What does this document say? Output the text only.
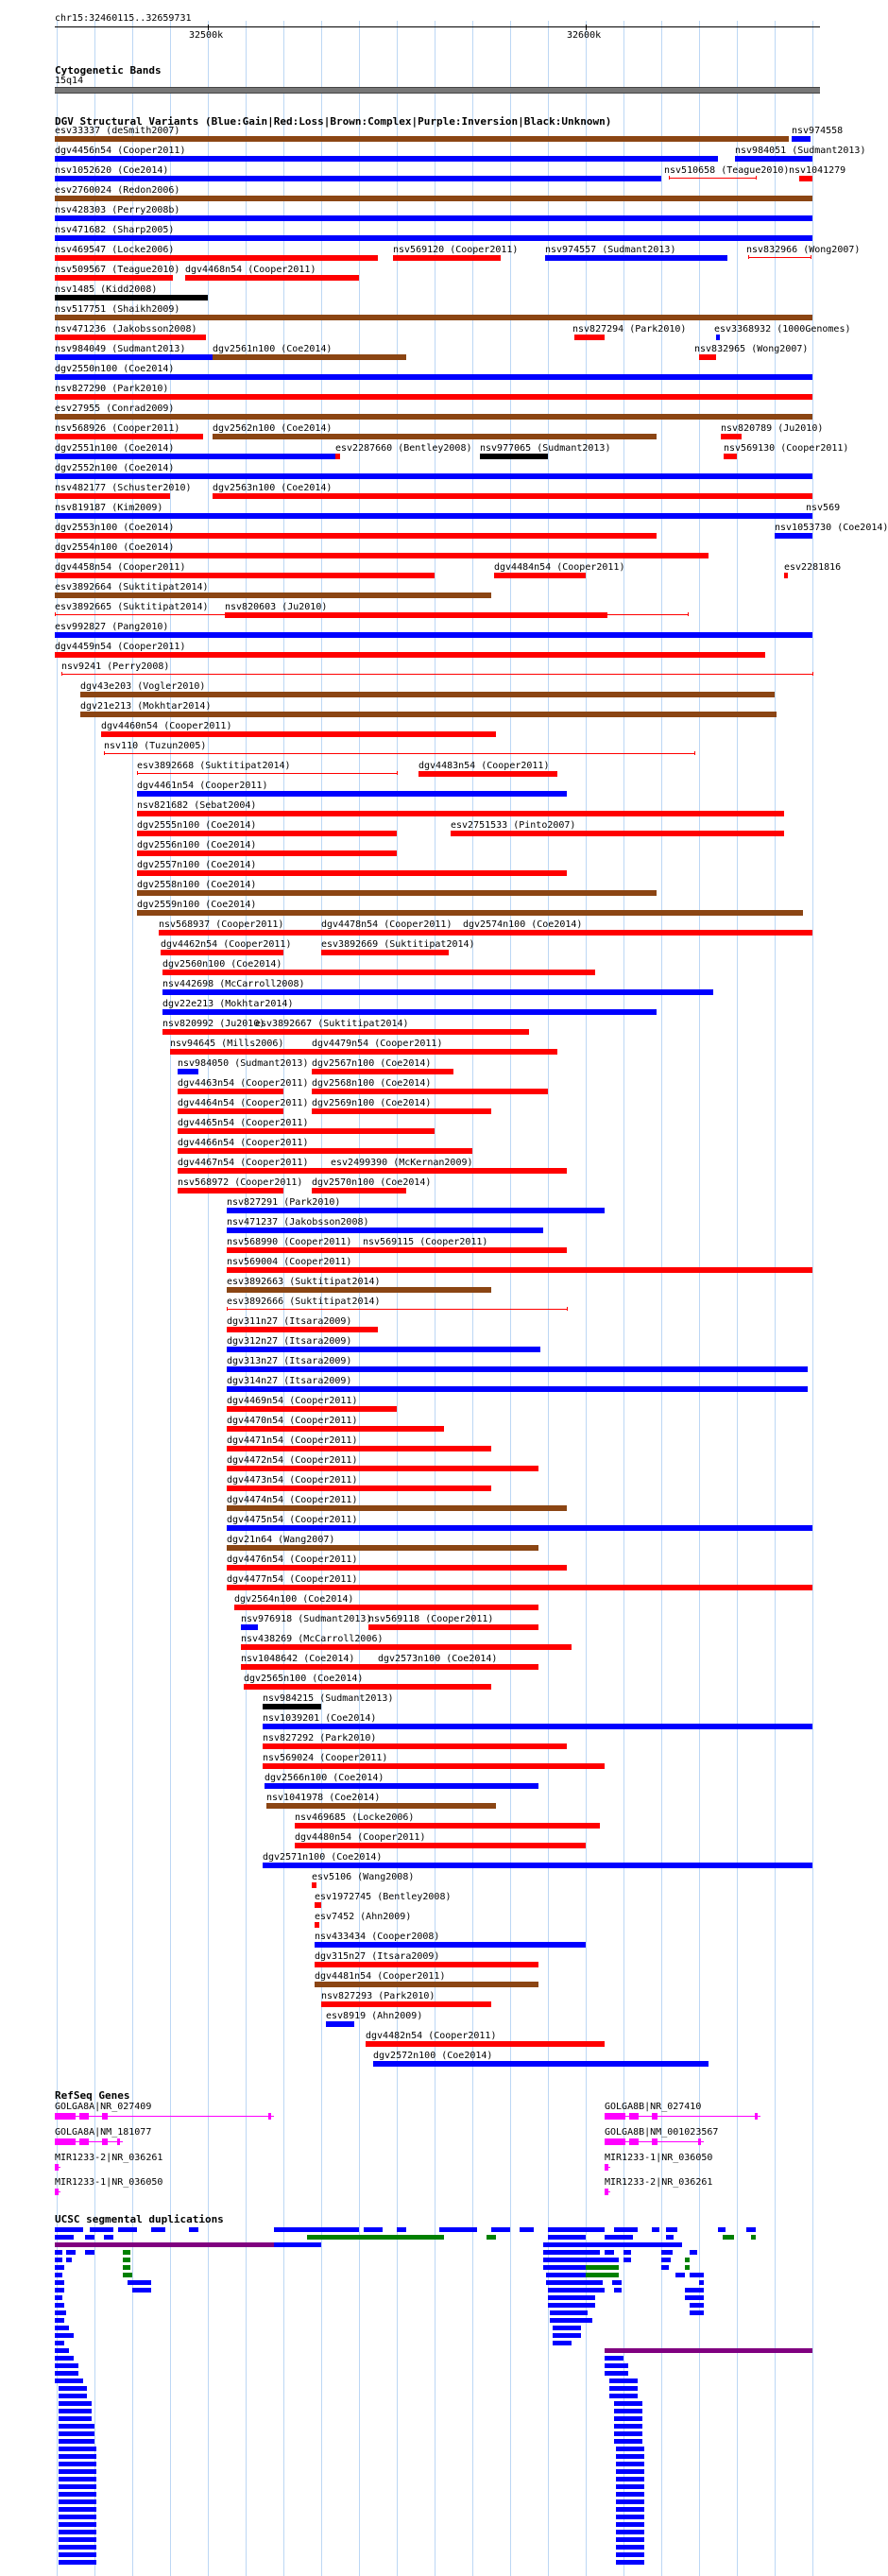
chr15:32460115..32659731
32500k	32600k
Cytogenetic Bands
15q14
DGV Structural Variants (Blue:Gain|Red:Loss|Brown:Complex|Purple:Inversion|Black:Unknown)
esv33337 (deSmith2007)	nsv974558
dgv4456n54 (Cooper2011)	nsv984051 (Sudmant2013)
nsv1052620 (Coe2014)	nsv510658 (Teague2010) nsv1041279
esv2760024 (Redon2006)
nsv428303 (Perry2008b)
nsv471682 (Sharp2005)
nsv469547 (Locke2006)	nsv569120 (Cooper2011)	nsv974557 (Sudmant2013)	nsv832966 (Wong2007)
nsv509567 (Teague2010) dgv4468n54 (Cooper2011)
nsv1485 (Kidd2008)
nsv517751 (Shaikh2009)
nsv471236 (Jakobsson2008)	nsv827294 (Park2010)	esv3368932 (1000Genomes)
nsv984049 (Sudmant2013)	dgv2561n100 (Coe2014)	nsv832965 (Wong2007)
dgv2550n100 (Coe2014)
nsv827290 (Park2010)
esv27955 (Conrad2009)
nsv568926 (Cooper2011)	dgv2562n100 (Coe2014)	nsv820789 (Ju2010)
dgv2551n100 (Coe2014)	esv2287660 (Bentley2008) nsv977065 (Sudmant2013)	nsv569130 (Cooper2011)
dgv2552n100 (Coe2014)
nsv482177 (Schuster2010) dgv2563n100 (Coe2014)
nsv819187 (Kim2009)	nsv569
dgv2553n100 (Coe2014)	nsv1053730 (Coe2014)
dgv2554n100 (Coe2014)
dgv4458n54 (Cooper2011)	dgv4484n54 (Cooper2011)	esv2281816
esv3892664 (Suktitipat2014)
esv3892665 (Suktitipat2014) nsv820603 (Ju2010)
esv992827 (Pang2010)
dgv4459n54 (Cooper2011)
nsv9241 (Perry2008)
dgv43e203 (Vogler2010)
dgv21e213 (Mokhtar2014)
dgv4460n54 (Cooper2011)
nsv110 (Tuzun2005)
esv3892668 (Suktitipat2014)	dgv4483n54 (Cooper2011)
dgv4461n54 (Cooper2011)
nsv821682 (Sebat2004)
dgv2555n100 (Coe2014)	esv2751533 (Pinto2007)
dgv2556n100 (Coe2014)
dgv2557n100 (Coe2014)
dgv2558n100 (Coe2014)
dgv2559n100 (Coe2014)
nsv568937 (Cooper2011)	dgv4478n54 (Cooper2011) dgv2574n100 (Coe2014)
dgv4462n54 (Cooper2011)	esv3892669 (Suktitipat2014)
dgv2560n100 (Coe2014)
nsv442698 (McCarroll2008)
dgv22e213 (Mokhtar2014)
nsv820992 (Ju2010)
esv3892667 (Suktitipat2014)
nsv94645 (Mills2006)	dgv4479n54 (Cooper2011)
nsv984050 (Sudmant2013) dgv2567n100 (Coe2014)
dgv4463n54 (Cooper2011) dgv2568n100 (Coe2014)
dgv4464n54 (Cooper2011) dgv2569n100 (Coe2014)
dgv4465n54 (Cooper2011)
dgv4466n54 (Cooper2011)
dgv4467n54 (Cooper2011) esv2499390 (McKernan2009)
nsv568972 (Cooper2011) dgv2570n100 (Coe2014)
nsv827291 (Park2010)
nsv471237 (Jakobsson2008)
nsv568990 (Cooper2011) nsv569115 (Cooper2011)
nsv569004 (Cooper2011)
esv3892663 (Suktitipat2014)
esv3892666 (Suktitipat2014)
dgv311n27 (Itsara2009)
dgv312n27 (Itsara2009)
dgv313n27 (Itsara2009)
dgv314n27 (Itsara2009)
dgv4469n54 (Cooper2011)
dgv4470n54 (Cooper2011)
dgv4471n54 (Cooper2011)
dgv4472n54 (Cooper2011)
dgv4473n54 (Cooper2011)
dgv4474n54 (Cooper2011)
dgv4475n54 (Cooper2011)
dgv21n64 (Wang2007)
dgv4476n54 (Cooper2011)
dgv4477n54 (Cooper2011)
dgv2564n100 (Coe2014)
nsv976918 (Sudmant2013)
nsv569118 (Cooper2011)
nsv438269 (McCarroll2006)
nsv1048642 (Coe2014) dgv2573n100 (Coe2014)
dgv2565n100 (Coe2014)
nsv984215 (Sudmant2013)
nsv1039201 (Coe2014)
nsv827292 (Park2010)
nsv569024 (Cooper2011)
dgv2566n100 (Coe2014)
nsv1041978 (Coe2014)
nsv469685 (Locke2006)
dgv4480n54 (Cooper2011)
dgv2571n100 (Coe2014)
esv5106 (Wang2008)
esv1972745 (Bentley2008)
esv7452 (Ahn2009)
nsv433434 (Cooper2008)
dgv315n27 (Itsara2009)
dgv4481n54 (Cooper2011)
nsv827293 (Park2010)
esv8919 (Ahn2009)
dgv4482n54 (Cooper2011)
dgv2572n100 (Coe2014)
RefSeq Genes
GOLGA8A|NR_027409
GOLGA8A|NM_181077
MIR1233-2|NR_036261
MIR1233-1|NR_036050
GOLGA8B|NR_027410
GOLGA8B|NM_001023567
MIR1233-1|NR_036050
MIR1233-2|NR_036261
UCSC segmental duplications
